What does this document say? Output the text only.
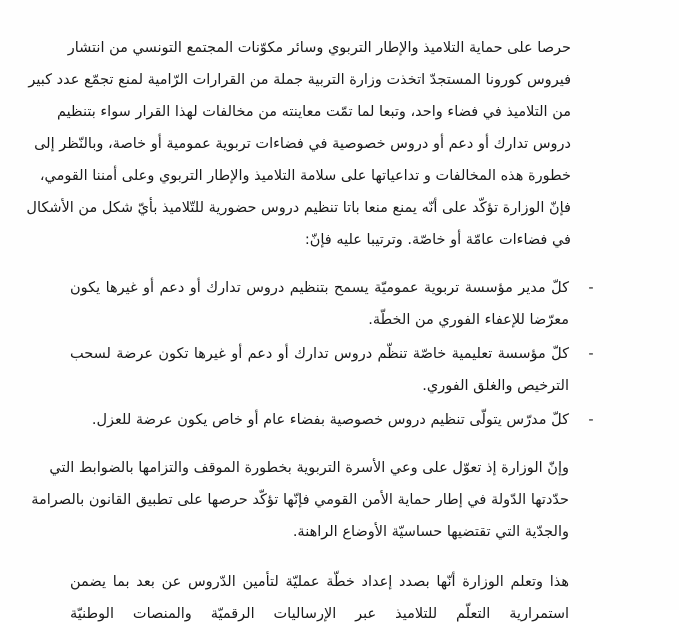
حرصا على حماية التلاميذ والإطار التربوي وسائر مكوّنات المجتمع التونسي من انتشار
فيروس كورونا المستجدّ اتخذت وزارة التربية جملة من القرارات الرّامية لمنع تجمّع عدد كبير
من التلاميذ في فضاء واحد، وتبعا لما تمّت معاينته من مخالفات لهذا القرار سواء بتنظيم
دروس تدارك أو دعم أو دروس خصوصية في فضاءات تربوية عمومية أو خاصة، وبالنّظر إلى
خطورة هذه المخالفات و تداعياتها على سلامة التلاميذ والإطار التربوي وعلى أمننا القومي،
فإنّ الوزارة تؤكّد على أنّه يمنع منعا باتا تنظيم دروس حضورية للتّلاميذ بأيّ شكل من الأشكال
في فضاءات عامّة أو خاصّة. وترتيبا عليه فإنّ:
-
كلّ مدير مؤسسة تربوية عموميّة يسمح بتنظيم دروس تدارك أو دعم أو غيرها يكون
معرّضا للإعفاء الفوري من الخطّة.
-
كلّ مؤسسة تعليمية خاصّة تنظّم دروس تدارك أو دعم أو غيرها تكون عرضة لسحب
الترخيص والغلق الفوري.
-
كلّ مدرّس يتولّى تنظيم دروس خصوصية بفضاء عام أو خاص يكون عرضة للعزل.
وإنّ الوزارة إذ تعوّل على وعي الأسرة التربوية بخطورة الموقف والتزامها بالضوابط التي
حدّدتها الدّولة في إطار حماية الأمن القومي فإنّها تؤكّد حرصها على تطبيق القانون بالصرامة
والجدّية التي تقتضيها حساسيّة الأوضاع الراهنة.
هذا وتعلم الوزارة أنّها بصدد إعداد خطّة عمليّة لتأمين الدّروس عن بعد بما يضمن
استمرارية التعلّم للتلاميذ عبر الإرساليات الرقميّة والمنصات الوطنيّة
